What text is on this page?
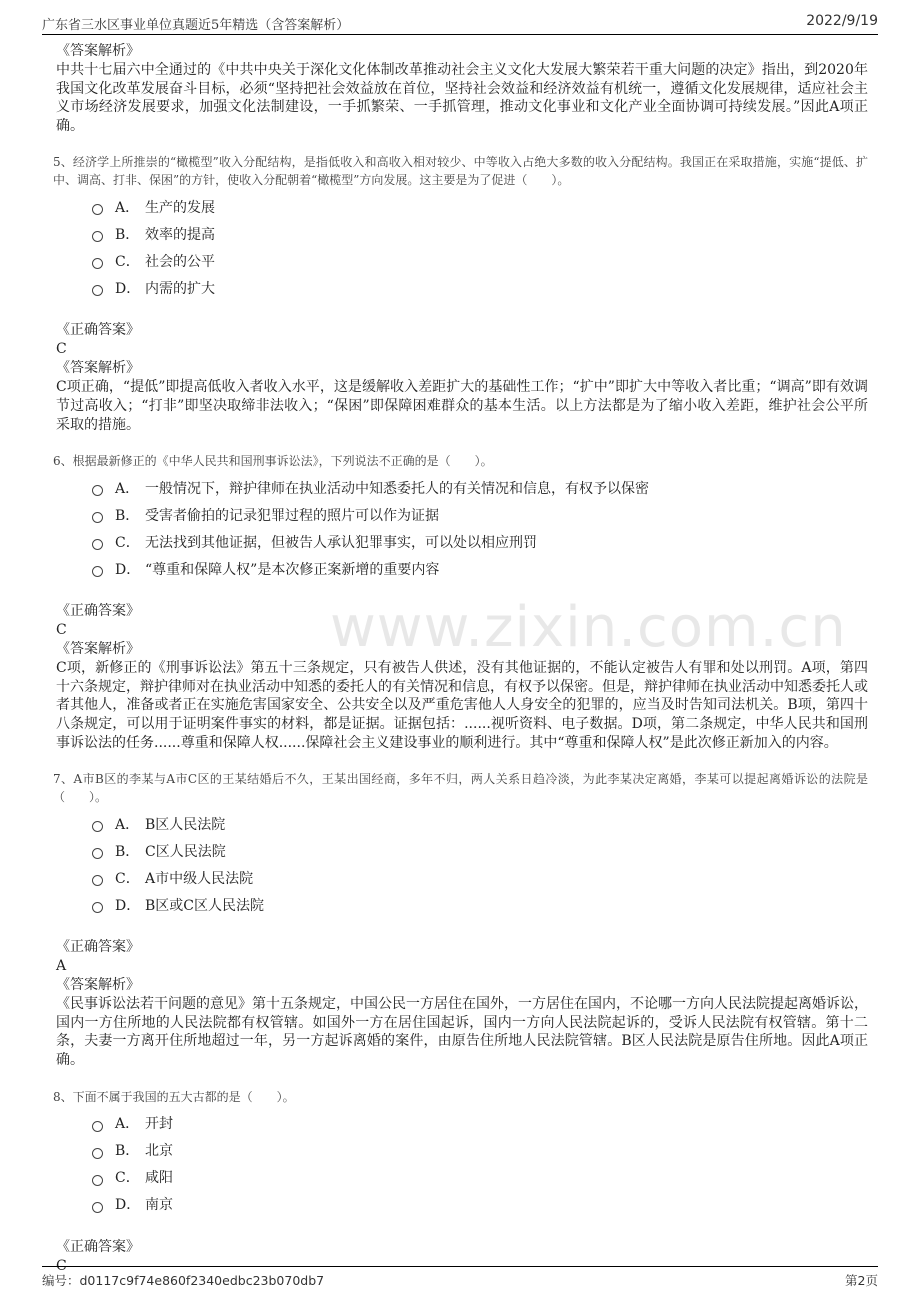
广东省三水区事业单位真题近5年精选（含答案解析）	2022/9/19
www.zixin.com.cn

《答案解析》

中共十七届六中全通过的《中共中央关于深化文化体制改革推动社会主义文化大发展大繁荣若干重大问题的决定》指出，到2020年我国文化改革发展奋斗目标，必须“坚持把社会效益放在首位，坚持社会效益和经济效益有机统一，遵循文化发展规律，适应社会主义市场经济发展要求，加强文化法制建设，一手抓繁荣、一手抓管理，推动文化事业和文化产业全面协调可持续发展。”因此A项正确。

5、经济学上所推崇的“橄榄型”收入分配结构，是指低收入和高收入相对较少、中等收入占绝大多数的收入分配结构。我国正在采取措施，实施“提低、扩中、调高、打非、保困”的方针，使收入分配朝着“橄榄型”方向发展。这主要是为了促进（　　）。

A． 生产的发展
B． 效率的提高
C． 社会的公平
D． 内需的扩大

《正确答案》

C

《答案解析》

C项正确，“提低”即提高低收入者收入水平，这是缓解收入差距扩大的基础性工作；“扩中”即扩大中等收入者比重；“调高”即有效调节过高收入；“打非”即坚决取缔非法收入；“保困”即保障困难群众的基本生活。以上方法都是为了缩小收入差距，维护社会公平所采取的措施。

6、根据最新修正的《中华人民共和国刑事诉讼法》，下列说法不正确的是（　　）。

A． 一般情况下，辩护律师在执业活动中知悉委托人的有关情况和信息，有权予以保密
B． 受害者偷拍的记录犯罪过程的照片可以作为证据
C． 无法找到其他证据，但被告人承认犯罪事实，可以处以相应刑罚
D． “尊重和保障人权”是本次修正案新增的重要内容

《正确答案》

C

《答案解析》

C项，新修正的《刑事诉讼法》第五十三条规定，只有被告人供述，没有其他证据的，不能认定被告人有罪和处以刑罚。A项，第四十六条规定，辩护律师对在执业活动中知悉的委托人的有关情况和信息，有权予以保密。但是，辩护律师在执业活动中知悉委托人或者其他人，准备或者正在实施危害国家安全、公共安全以及严重危害他人人身安全的犯罪的，应当及时告知司法机关。B项，第四十八条规定，可以用于证明案件事实的材料，都是证据。证据包括：......视听资料、电子数据。D项，第二条规定，中华人民共和国刑事诉讼法的任务......尊重和保障人权......保障社会主义建设事业的顺利进行。其中“尊重和保障人权”是此次修正新加入的内容。

7、A市B区的李某与A市C区的王某结婚后不久，王某出国经商，多年不归，两人关系日趋冷淡，为此李某决定离婚，李某可以提起离婚诉讼的法院是（　　）。

A． B区人民法院
B． C区人民法院
C． A市中级人民法院
D． B区或C区人民法院

《正确答案》

A

《答案解析》

《民事诉讼法若干问题的意见》第十五条规定，中国公民一方居住在国外，一方居住在国内，不论哪一方向人民法院提起离婚诉讼，国内一方住所地的人民法院都有权管辖。如国外一方在居住国起诉，国内一方向人民法院起诉的，受诉人民法院有权管辖。第十二条，夫妻一方离开住所地超过一年，另一方起诉离婚的案件，由原告住所地人民法院管辖。B区人民法院是原告住所地。因此A项正确。

8、下面不属于我国的五大古都的是（　　）。

A． 开封
B． 北京
C． 咸阳
D． 南京

《正确答案》

C

编号：d0117c9f74e860f2340edbc23b070db7	第2页
